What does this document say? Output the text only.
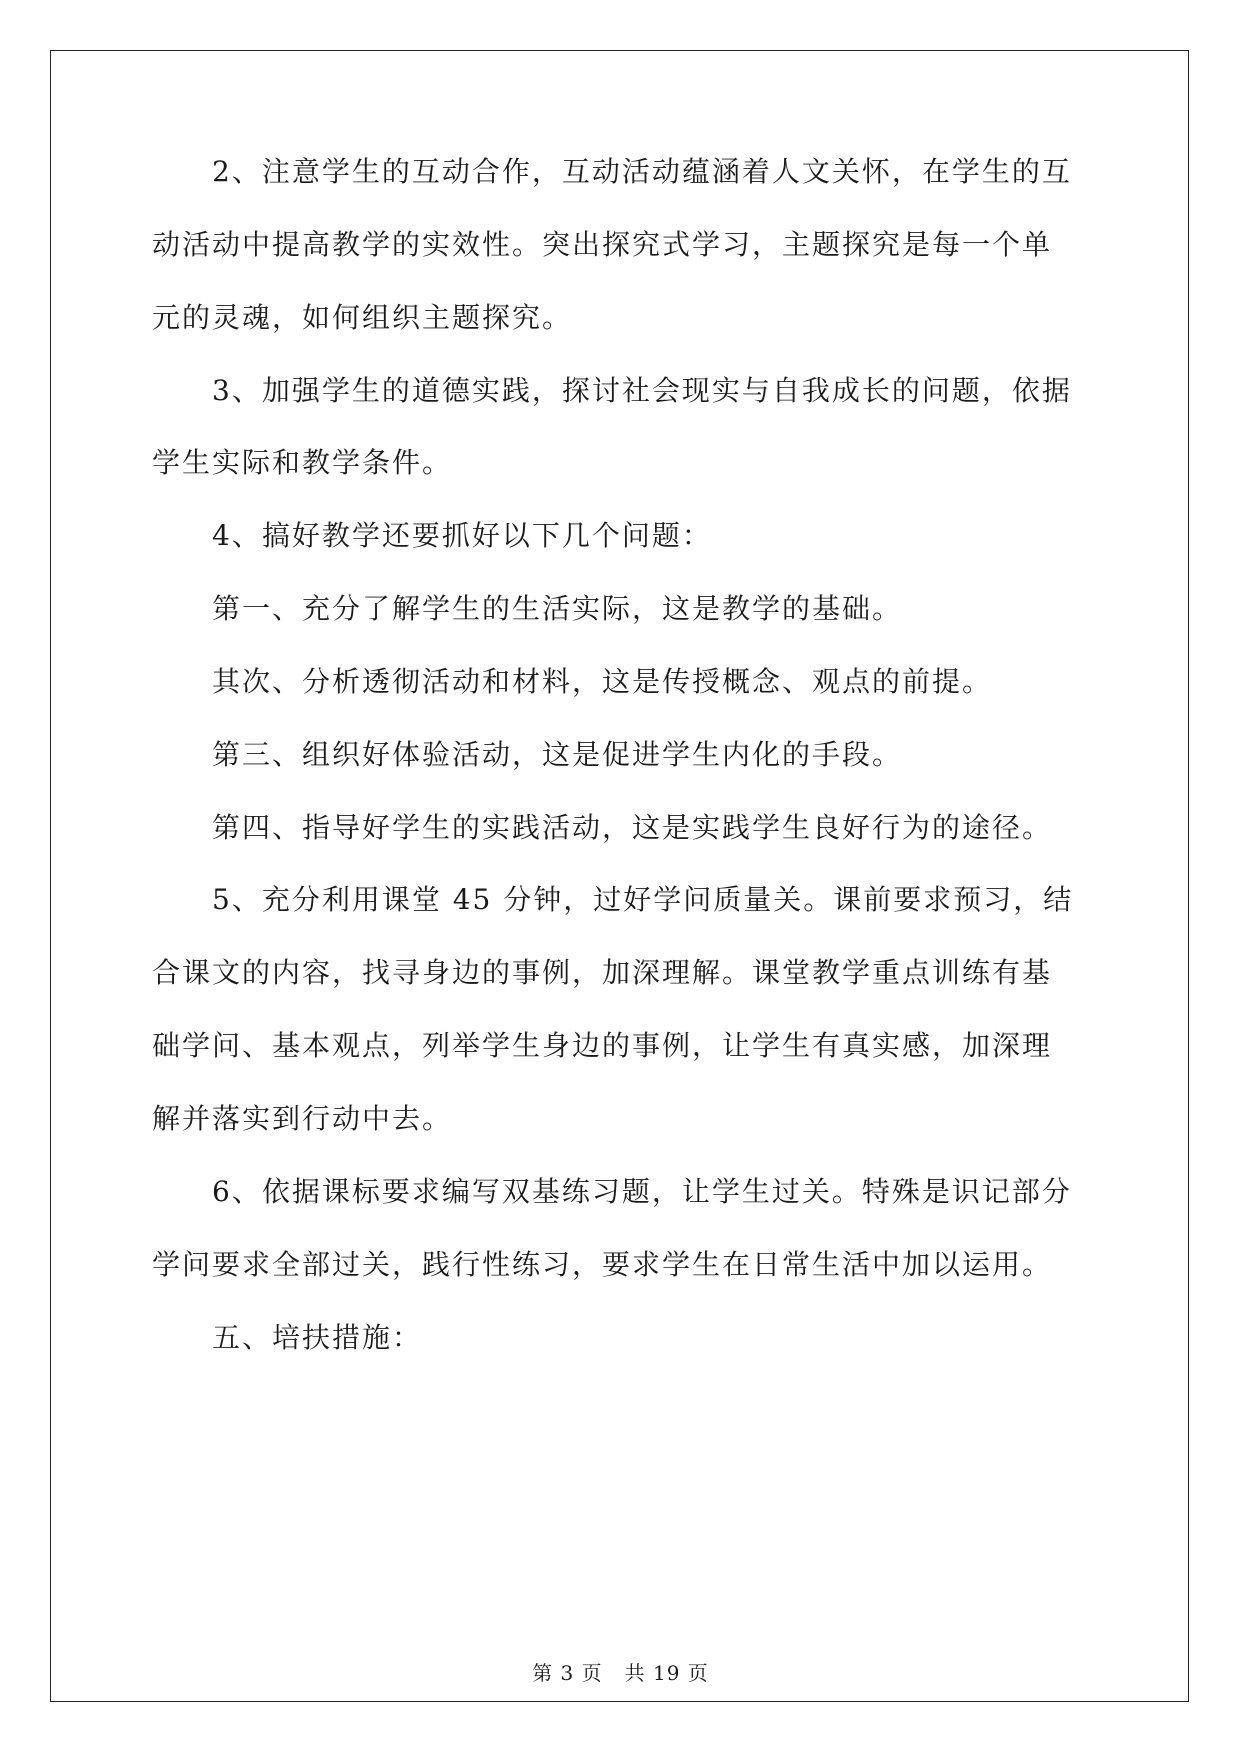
2、注意学生的互动合作，互动活动蕴涵着人文关怀，在学生的互
动活动中提高教学的实效性。突出探究式学习，主题探究是每一个单
元的灵魂，如何组织主题探究。
3、加强学生的道德实践，探讨社会现实与自我成长的问题，依据
学生实际和教学条件。
4、搞好教学还要抓好以下几个问题：
第一、充分了解学生的生活实际，这是教学的基础。
其次、分析透彻活动和材料，这是传授概念、观点的前提。
第三、组织好体验活动，这是促进学生内化的手段。
第四、指导好学生的实践活动，这是实践学生良好行为的途径。
5、充分利用课堂 45 分钟，过好学问质量关。课前要求预习，结
合课文的内容，找寻身边的事例，加深理解。课堂教学重点训练有基
础学问、基本观点，列举学生身边的事例，让学生有真实感，加深理
解并落实到行动中去。
6、依据课标要求编写双基练习题，让学生过关。特殊是识记部分
学问要求全部过关，践行性练习，要求学生在日常生活中加以运用。
五、培扶措施：
第 3 页 共 19 页
